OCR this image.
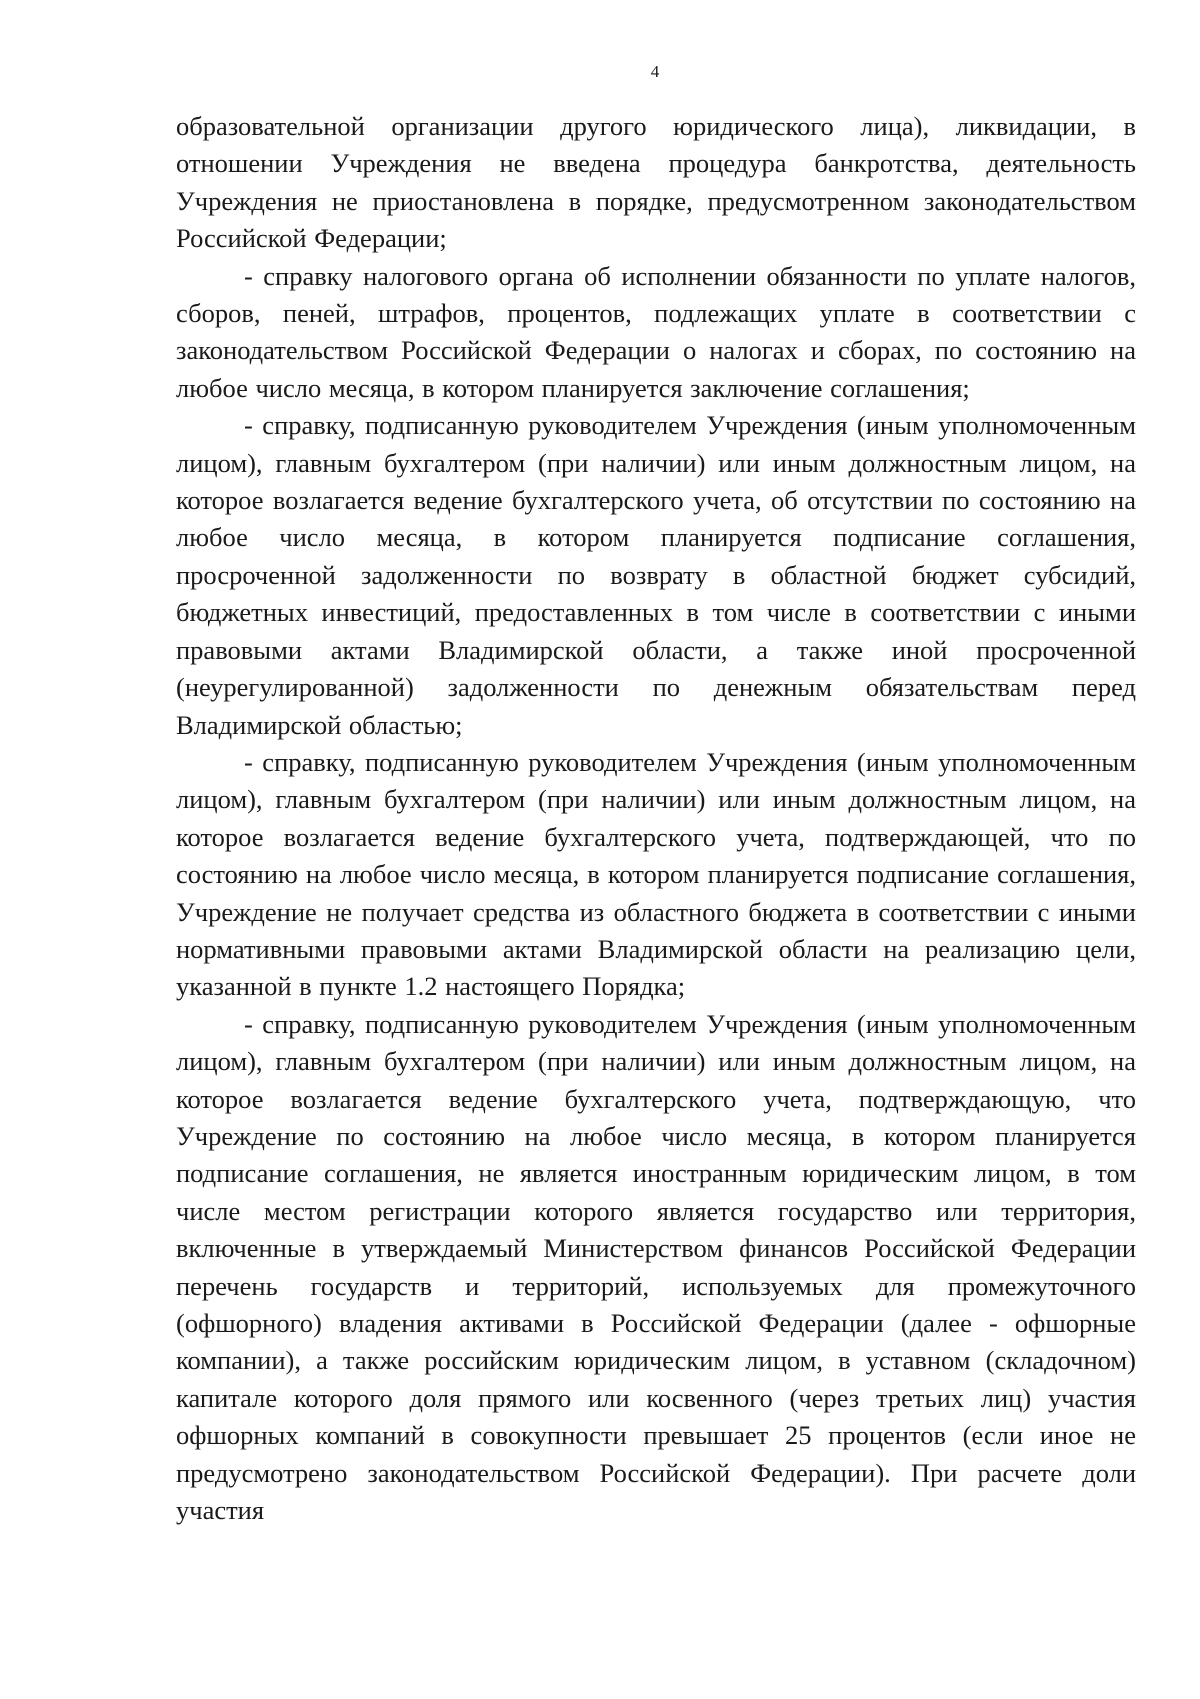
4

образовательной организации другого юридического лица), ликвидации, в отношении Учреждения не введена процедура банкротства, деятельность Учреждения не приостановлена в порядке, предусмотренном законодательством Российской Федерации;

- справку налогового органа об исполнении обязанности по уплате налогов, сборов, пеней, штрафов, процентов, подлежащих уплате в соответствии с законодательством Российской Федерации о налогах и сборах, по состоянию на любое число месяца, в котором планируется заключение соглашения;

- справку, подписанную руководителем Учреждения (иным уполномоченным лицом), главным бухгалтером (при наличии) или иным должностным лицом, на которое возлагается ведение бухгалтерского учета, об отсутствии по состоянию на любое число месяца, в котором планируется подписание соглашения, просроченной задолженности по возврату в областной бюджет субсидий, бюджетных инвестиций, предоставленных в том числе в соответствии с иными правовыми актами Владимирской области, а также иной просроченной (неурегулированной) задолженности по денежным обязательствам перед Владимирской областью;

- справку, подписанную руководителем Учреждения (иным уполномоченным лицом), главным бухгалтером (при наличии) или иным должностным лицом, на которое возлагается ведение бухгалтерского учета, подтверждающей, что по состоянию на любое число месяца, в котором планируется подписание соглашения, Учреждение не получает средства из областного бюджета в соответствии с иными нормативными правовыми актами Владимирской области на реализацию цели, указанной в пункте 1.2 настоящего Порядка;

- справку, подписанную руководителем Учреждения (иным уполномоченным лицом), главным бухгалтером (при наличии) или иным должностным лицом, на которое возлагается ведение бухгалтерского учета, подтверждающую, что Учреждение по состоянию на любое число месяца, в котором планируется подписание соглашения, не является иностранным юридическим лицом, в том числе местом регистрации которого является государство или территория, включенные в утверждаемый Министерством финансов Российской Федерации перечень государств и территорий, используемых для промежуточного (офшорного) владения активами в Российской Федерации (далее - офшорные компании), а также российским юридическим лицом, в уставном (складочном) капитале которого доля прямого или косвенного (через третьих лиц) участия офшорных компаний в совокупности превышает 25 процентов (если иное не предусмотрено законодательством Российской Федерации). При расчете доли участия
